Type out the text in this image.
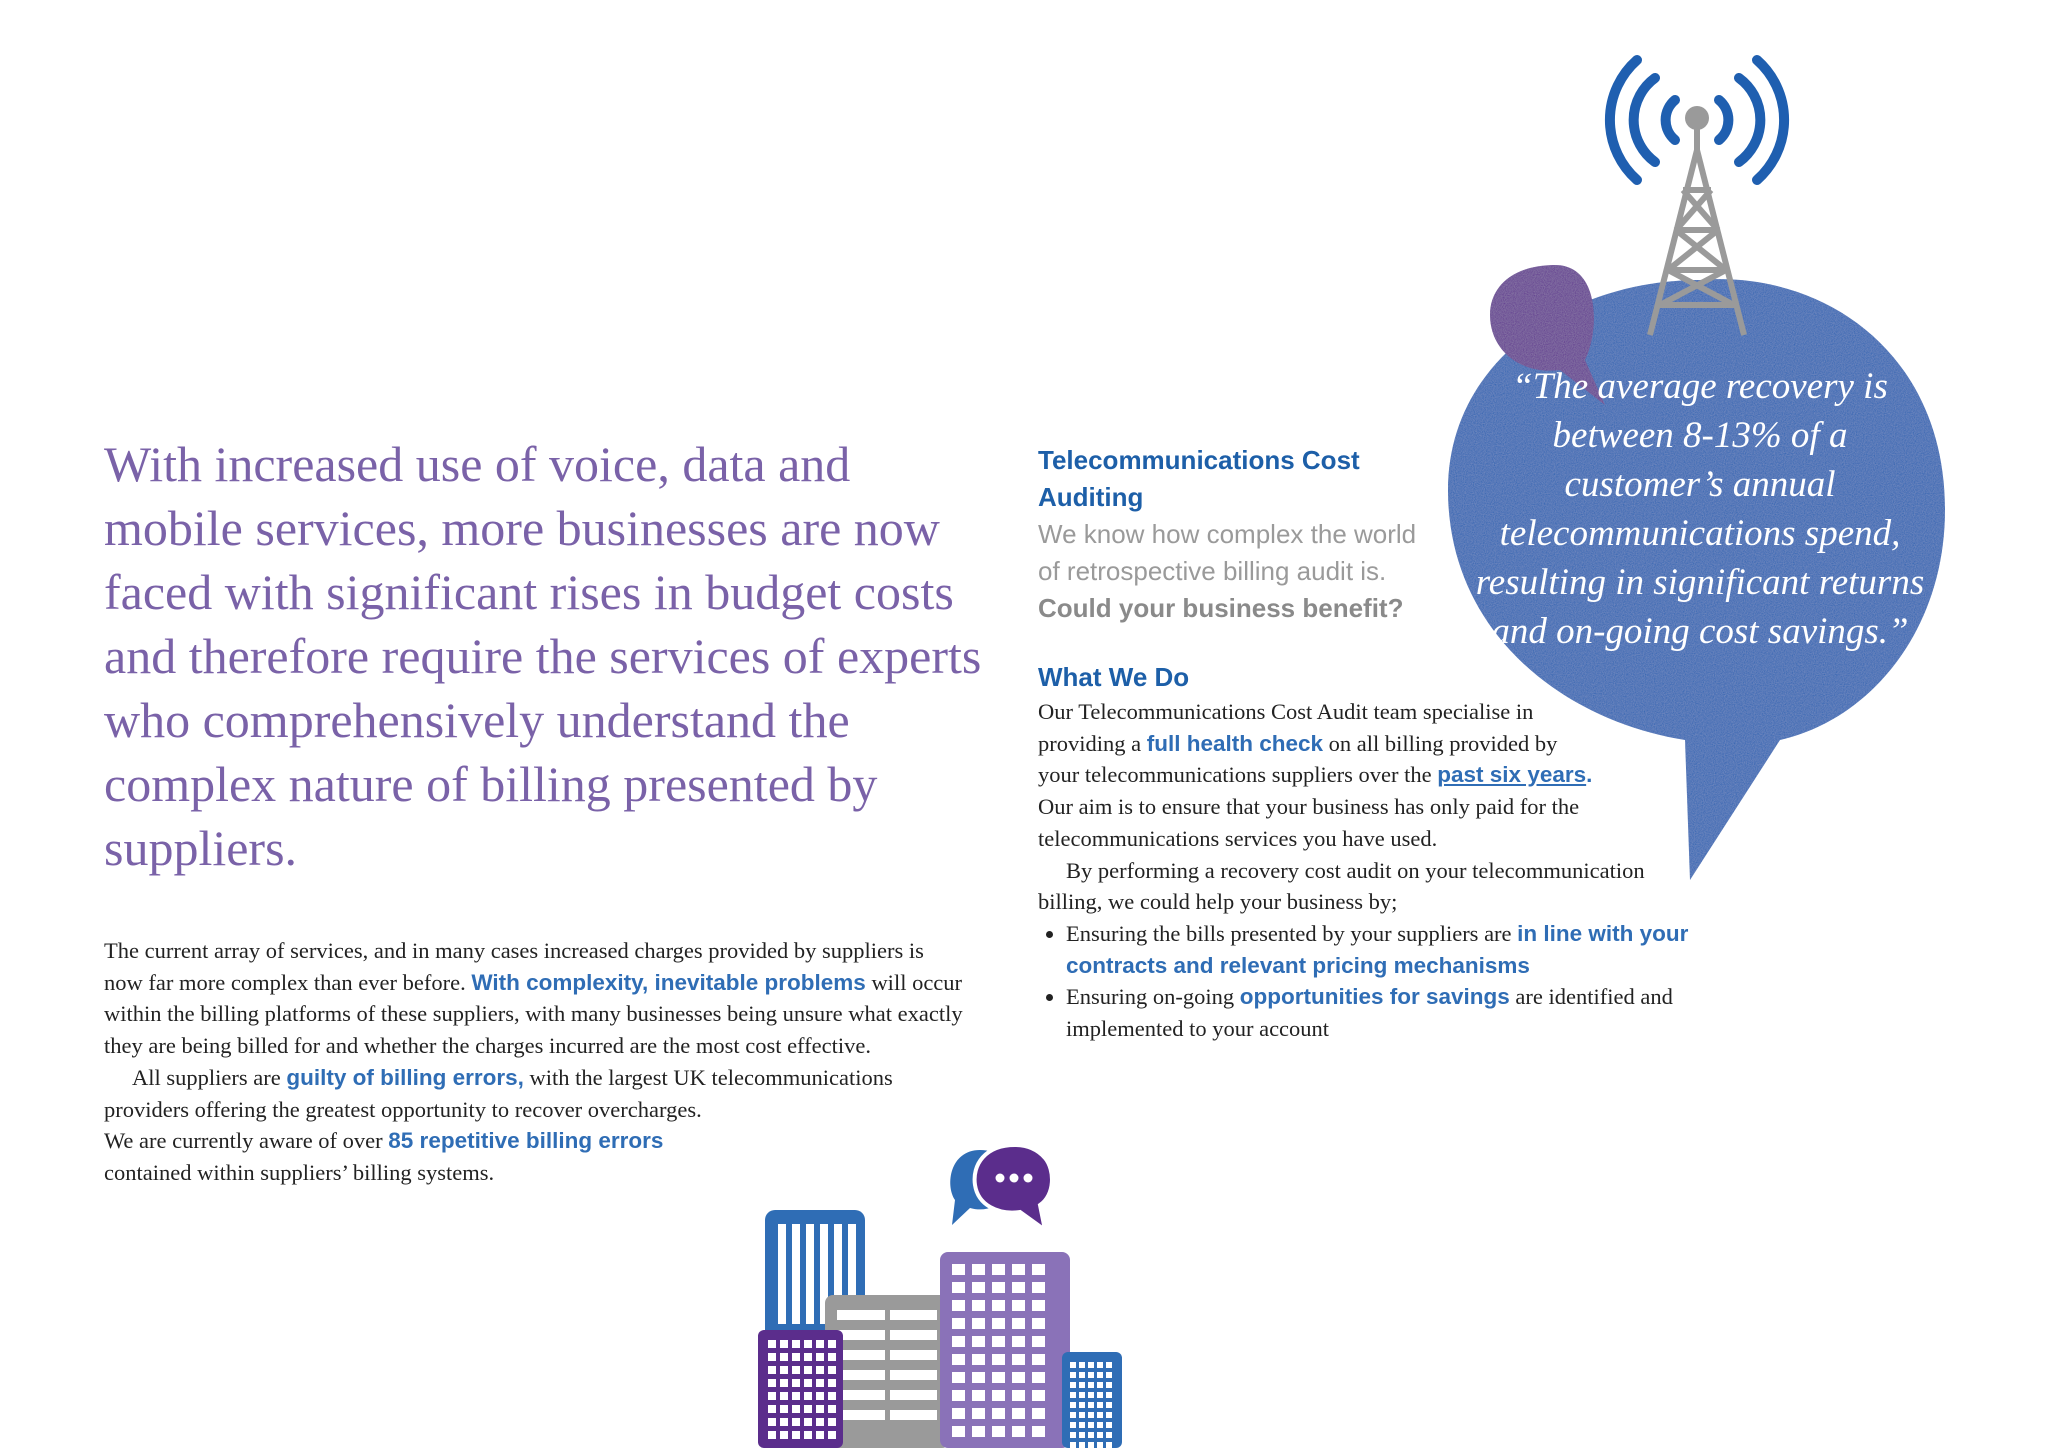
With increased use of voice, data and mobile services, more businesses are now faced with significant rises in budget costs and therefore require the services of experts who comprehensively understand the complex nature of billing presented by suppliers.

The current array of services, and in many cases increased charges provided by suppliers is now far more complex than ever before. With complexity, inevitable problems will occur within the billing platforms of these suppliers, with many businesses being unsure what exactly they are being billed for and whether the charges incurred are the most cost effective.

All suppliers are guilty of billing errors, with the largest UK telecommunications providers offering the greatest opportunity to recover overcharges.

We are currently aware of over 85 repetitive billing errors
contained within suppliers’ billing systems.

“The average recovery is between 8-13% of a customer’s annual telecommunications spend, resulting in significant returns and on-going cost savings.”

Telecommunications Cost Auditing

We know how complex the world of retrospective billing audit is.

Could your business benefit?

What We Do

Our Telecommunications Cost Audit team specialise in providing a full health check on all billing provided by your telecommunications suppliers over the past six years.

Our aim is to ensure that your business has only paid for the telecommunications services you have used.

By performing a recovery cost audit on your telecommunication billing, we could help your business by;

• Ensuring the bills presented by your suppliers are in line with your contracts and relevant pricing mechanisms
• Ensuring on-going opportunities for savings are identified and implemented to your account
